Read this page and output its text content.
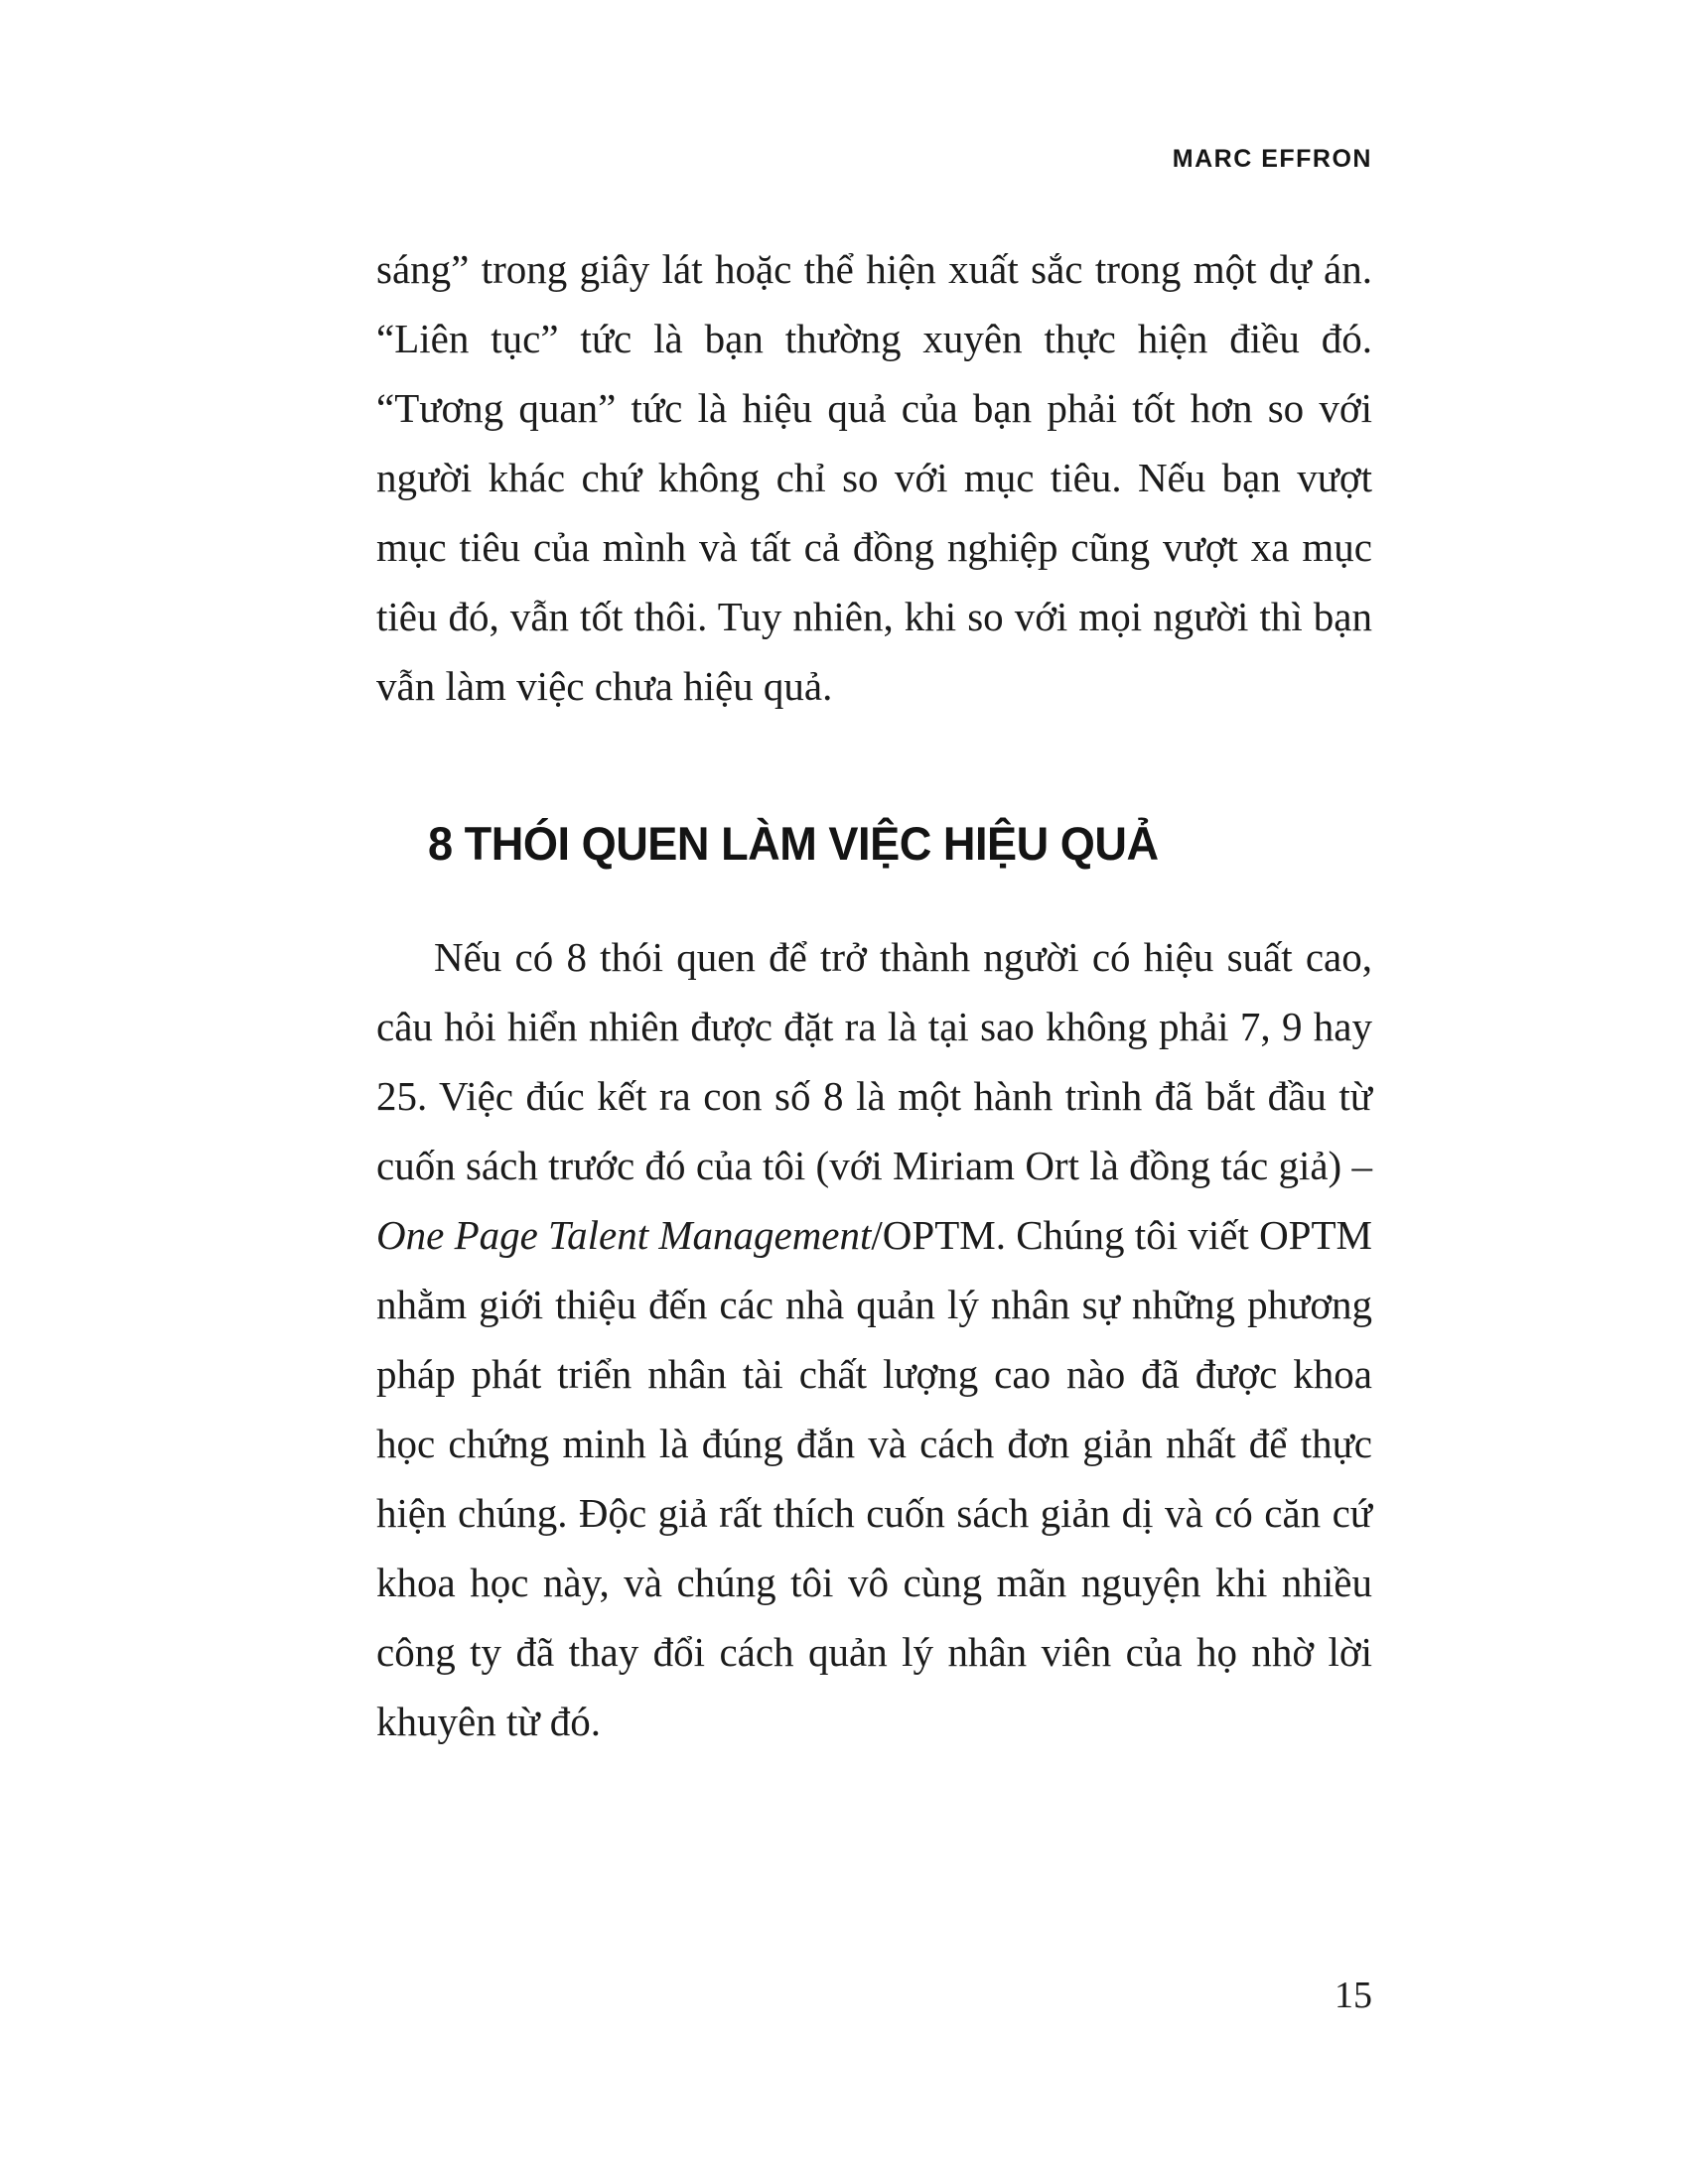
MARC EFFRON

sáng” trong giây lát hoặc thể hiện xuất sắc trong một dự án. “Liên tục” tức là bạn thường xuyên thực hiện điều đó. “Tương quan” tức là hiệu quả của bạn phải tốt hơn so với người khác chứ không chỉ so với mục tiêu. Nếu bạn vượt mục tiêu của mình và tất cả đồng nghiệp cũng vượt xa mục tiêu đó, vẫn tốt thôi. Tuy nhiên, khi so với mọi người thì bạn vẫn làm việc chưa hiệu quả.

8 THÓI QUEN LÀM VIỆC HIỆU QUẢ

Nếu có 8 thói quen để trở thành người có hiệu suất cao, câu hỏi hiển nhiên được đặt ra là tại sao không phải 7, 9 hay 25. Việc đúc kết ra con số 8 là một hành trình đã bắt đầu từ cuốn sách trước đó của tôi (với Miriam Ort là đồng tác giả) – One Page Talent Management/OPTM. Chúng tôi viết OPTM nhằm giới thiệu đến các nhà quản lý nhân sự những phương pháp phát triển nhân tài chất lượng cao nào đã được khoa học chứng minh là đúng đắn và cách đơn giản nhất để thực hiện chúng. Độc giả rất thích cuốn sách giản dị và có căn cứ khoa học này, và chúng tôi vô cùng mãn nguyện khi nhiều công ty đã thay đổi cách quản lý nhân viên của họ nhờ lời khuyên từ đó.

15
